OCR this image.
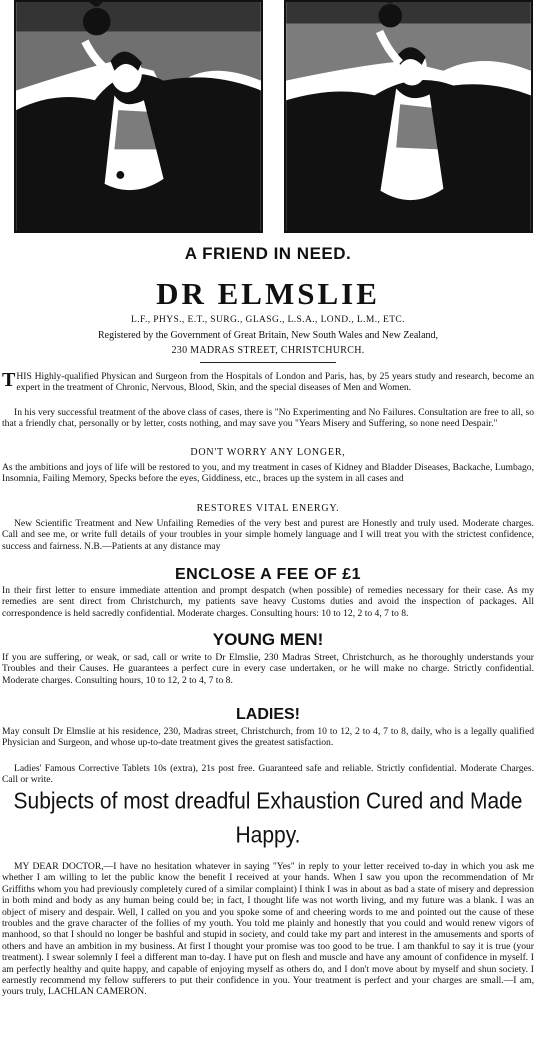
A FRIEND IN NEED.
DR ELMSLIE
L.F., PHYS., E.T., SURG., GLASG., L.S.A., LOND., L.M., ETC.
Registered by the Government of Great Britain, New South Wales and New Zealand,
230 MADRAS STREET, CHRISTCHURCH.
THIS Highly-qualified Physican and Surgeon from the Hospitals of London and Paris, has, by 25 years study and research, become an expert in the treatment of Chronic, Nervous, Blood, Skin, and the special diseases of Men and Women.
In his very successful treatment of the above class of cases, there is "No Experimenting and No Failures. Consultation are free to all, so that a friendly chat, personally or by letter, costs nothing, and may save you "Years Misery and Suffering, so none need Despair."
DON'T WORRY ANY LONGER,
As the ambitions and joys of life will be restored to you, and my treatment in cases of Kidney and Bladder Diseases, Backache, Lumbago, Insomnia, Failing Memory, Specks before the eyes, Giddiness, etc., braces up the system in all cases and
RESTORES VITAL ENERGY.
New Scientific Treatment and New Unfailing Remedies of the very best and purest are Honestly and truly used. Moderate charges. Call and see me, or write full details of your troubles in your simple homely language and I will treat you with the strictest confidence, success and fairness. N.B.—Patients at any distance may
ENCLOSE A FEE OF £1
In their first letter to ensure immediate attention and prompt despatch (when possible) of remedies necessary for their case. As my remedies are sent direct from Christchurch, my patients save heavy Customs duties and avoid the inspection of packages. All correspondence is held sacredly confidential. Moderate charges. Consulting hours: 10 to 12, 2 to 4, 7 to 8.
YOUNG MEN!
If you are suffering, or weak, or sad, call or write to Dr Elmslie, 230 Madras Street, Christchurch, as he thoroughly understands your Troubles and their Causes. He guarantees a perfect cure in every case undertaken, or he will make no charge. Strictly confidential. Moderate charges. Consulting hours, 10 to 12, 2 to 4, 7 to 8.
LADIES!
May consult Dr Elmslie at his residence, 230, Madras street, Christchurch, from 10 to 12, 2 to 4, 7 to 8, daily, who is a legally qualified Physician and Surgeon, and whose up-to-date treatment gives the greatest satisfaction.
Ladies' Famous Corrective Tablets 10s (extra), 21s post free. Guaranteed safe and reliable. Strictly confidential. Moderate Charges. Call or write.
Subjects of most dreadful Exhaustion Cured and Made
Happy.
MY DEAR DOCTOR,—I have no hesitation whatever in saying "Yes" in reply to your letter received to-day in which you ask me whether I am willing to let the public know the benefit I received at your hands. When I saw you upon the recommendation of Mr Griffiths whom you had previously completely cured of a similar complaint) I think I was in about as bad a state of misery and depression in both mind and body as any human being could be; in fact, I thought life was not worth living, and my future was a blank. I was an object of misery and despair. Well, I called on you and you spoke some of and cheering words to me and pointed out the cause of these troubles and the grave character of the follies of my youth. You told me plainly and honestly that you could and would renew vigors of manhood, so that I should no longer be bashful and stupid in society, and could take my part and interest in the amusements and sports of others and have an ambition in my business. At first I thought your promise was too good to be true. I am thankful to say it is true (your treatment). I swear solemnly I feel a different man to-day. I have put on flesh and muscle and have any amount of confidence in myself. I am perfectly healthy and quite happy, and capable of enjoying myself as others do, and I don't move about by myself and shun society. I earnestly recommend my fellow sufferers to put their confidence in you. Your treatment is perfect and your charges are small.—I am, yours truly, LACHLAN CAMERON.
